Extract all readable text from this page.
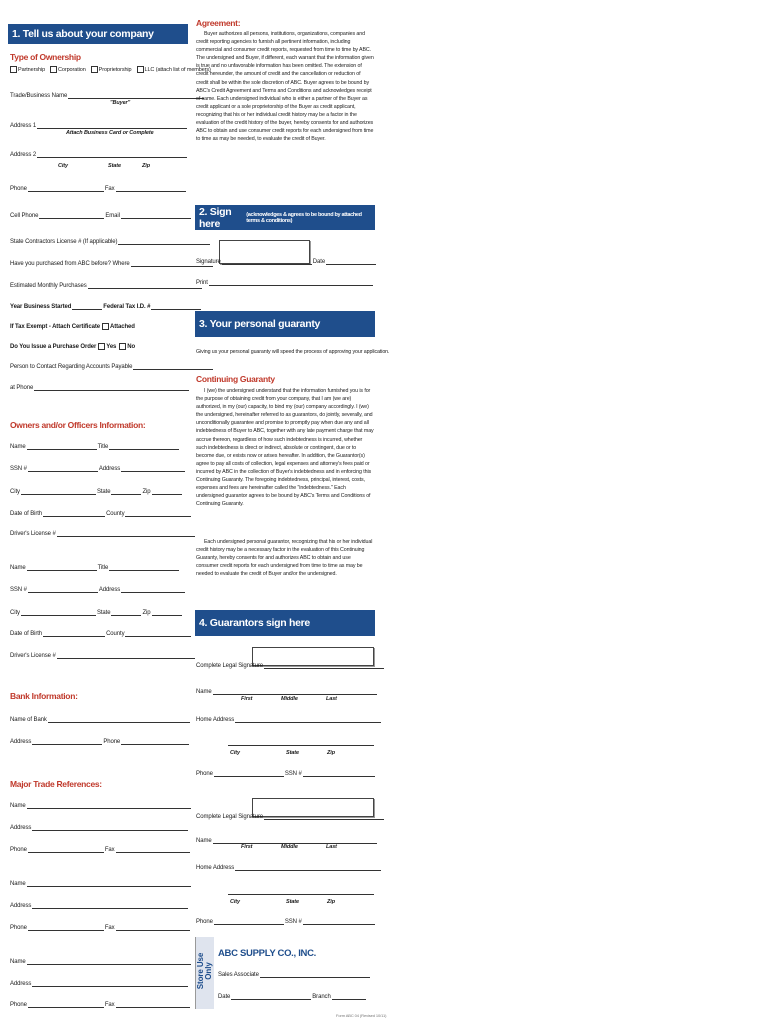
1. Tell us about your company
Type of Ownership
Partnership Corporation Proprietorship LLC (attach list of members)
Trade/Business Name
"Buyer"
Address 1
Attach Business Card or Complete
Address 2
City	State	Zip
Phone	Fax
Cell Phone	Email
State Contractors License # (If applicable)
Have you purchased from ABC before? Where
Estimated Monthly Purchases
Year Business Started	Federal Tax I.D. #
If Tax Exempt - Attach Certificate Attached
Do You Issue a Purchase Order Yes No
Person to Contact Regarding Accounts Payable
at Phone
Owners and/or Officers Information:
Name	Title
SSN #	Address
City	State	Zip
Date of Birth	County
Driver's License #
Name	Title
SSN #	Address
City	State	Zip
Date of Birth	County
Driver's License #
Bank Information:
Name of Bank
Address	Phone
Major Trade References:
Name
Address
Phone	Fax
Name
Address
Phone	Fax
Name
Address
Phone	Fax
Agreement:
Buyer authorizes all persons, institutions, organizations, companies and credit reporting agencies to furnish all pertinent information, including commercial and consumer credit reports, requested from time to time by ABC. The undersigned and Buyer, if different, each warrant that the information given is true and no unfavorable information has been omitted. The extension of credit hereunder, the amount of credit and the cancellation or reduction of credit shall be within the sole discretion of ABC. Buyer agrees to be bound by ABC's Credit Agreement and Terms and Conditions and acknowledges receipt of same. Each undersigned individual who is either a partner of the Buyer as credit applicant or a sole proprietorship of the Buyer as credit applicant, recognizing that his or her individual credit history may be a factor in the evaluation of the credit history of the buyer, hereby consents for and authorizes ABC to obtain and use consumer credit reports for each undersigned from time to time as may be needed, to evaluate the credit of Buyer.
2. Sign here
(acknowledges & agrees to be bound by attached terms & conditions)
Signature	Date
Print
3. Your personal guaranty
Giving us your personal guaranty will speed the process of approving your application.
Continuing Guaranty
I (we) the undersigned understand that the information furnished you is for the purpose of obtaining credit from your company, that I am (we are) authorized, in my (our) capacity, to bind my (our) company accordingly. I (we) the undersigned, hereinafter referred to as guarantors, do jointly, severally, and unconditionally guarantee and promise to promptly pay when due any and all indebtedness of Buyer to ABC, together with any late payment charge that may accrue thereon, regardless of how such indebtedness is incurred, whether such indebtedness is direct or indirect, absolute or contingent, due or to become due, or exists now or arises hereafter. In addition, the Guarantor(s) agree to pay all costs of collection, legal expenses and attorney's fees paid or incurred by ABC in the collection of Buyer's indebtedness and in enforcing this Continuing Guaranty. The foregoing indebtedness, principal, interest, costs, expenses and fees are hereinafter called the "indebtedness." Each undersigned guarantor agrees to be bound by ABC's Terms and Conditions of Continuing Guaranty.
Each undersigned personal guarantor, recognizing that his or her individual credit history may be a necessary factor in the evaluation of this Continuing Guaranty, hereby consents for and authorizes ABC to obtain and use consumer credit reports for each undersigned from time to time as may be needed to evaluate the credit of Buyer and/or the undersigned.
4. Guarantors sign here
Complete Legal Signature
Name
First	Middle	Last
Home Address
City	State	Zip
Phone	SSN #
Complete Legal Signature
Name
First	Middle	Last
Home Address
City	State	Zip
Phone	SSN #
Store Use Only
ABC SUPPLY CO., INC.
Sales Associate
Date	Branch
Form ABC 04 (Revised 10/11)
